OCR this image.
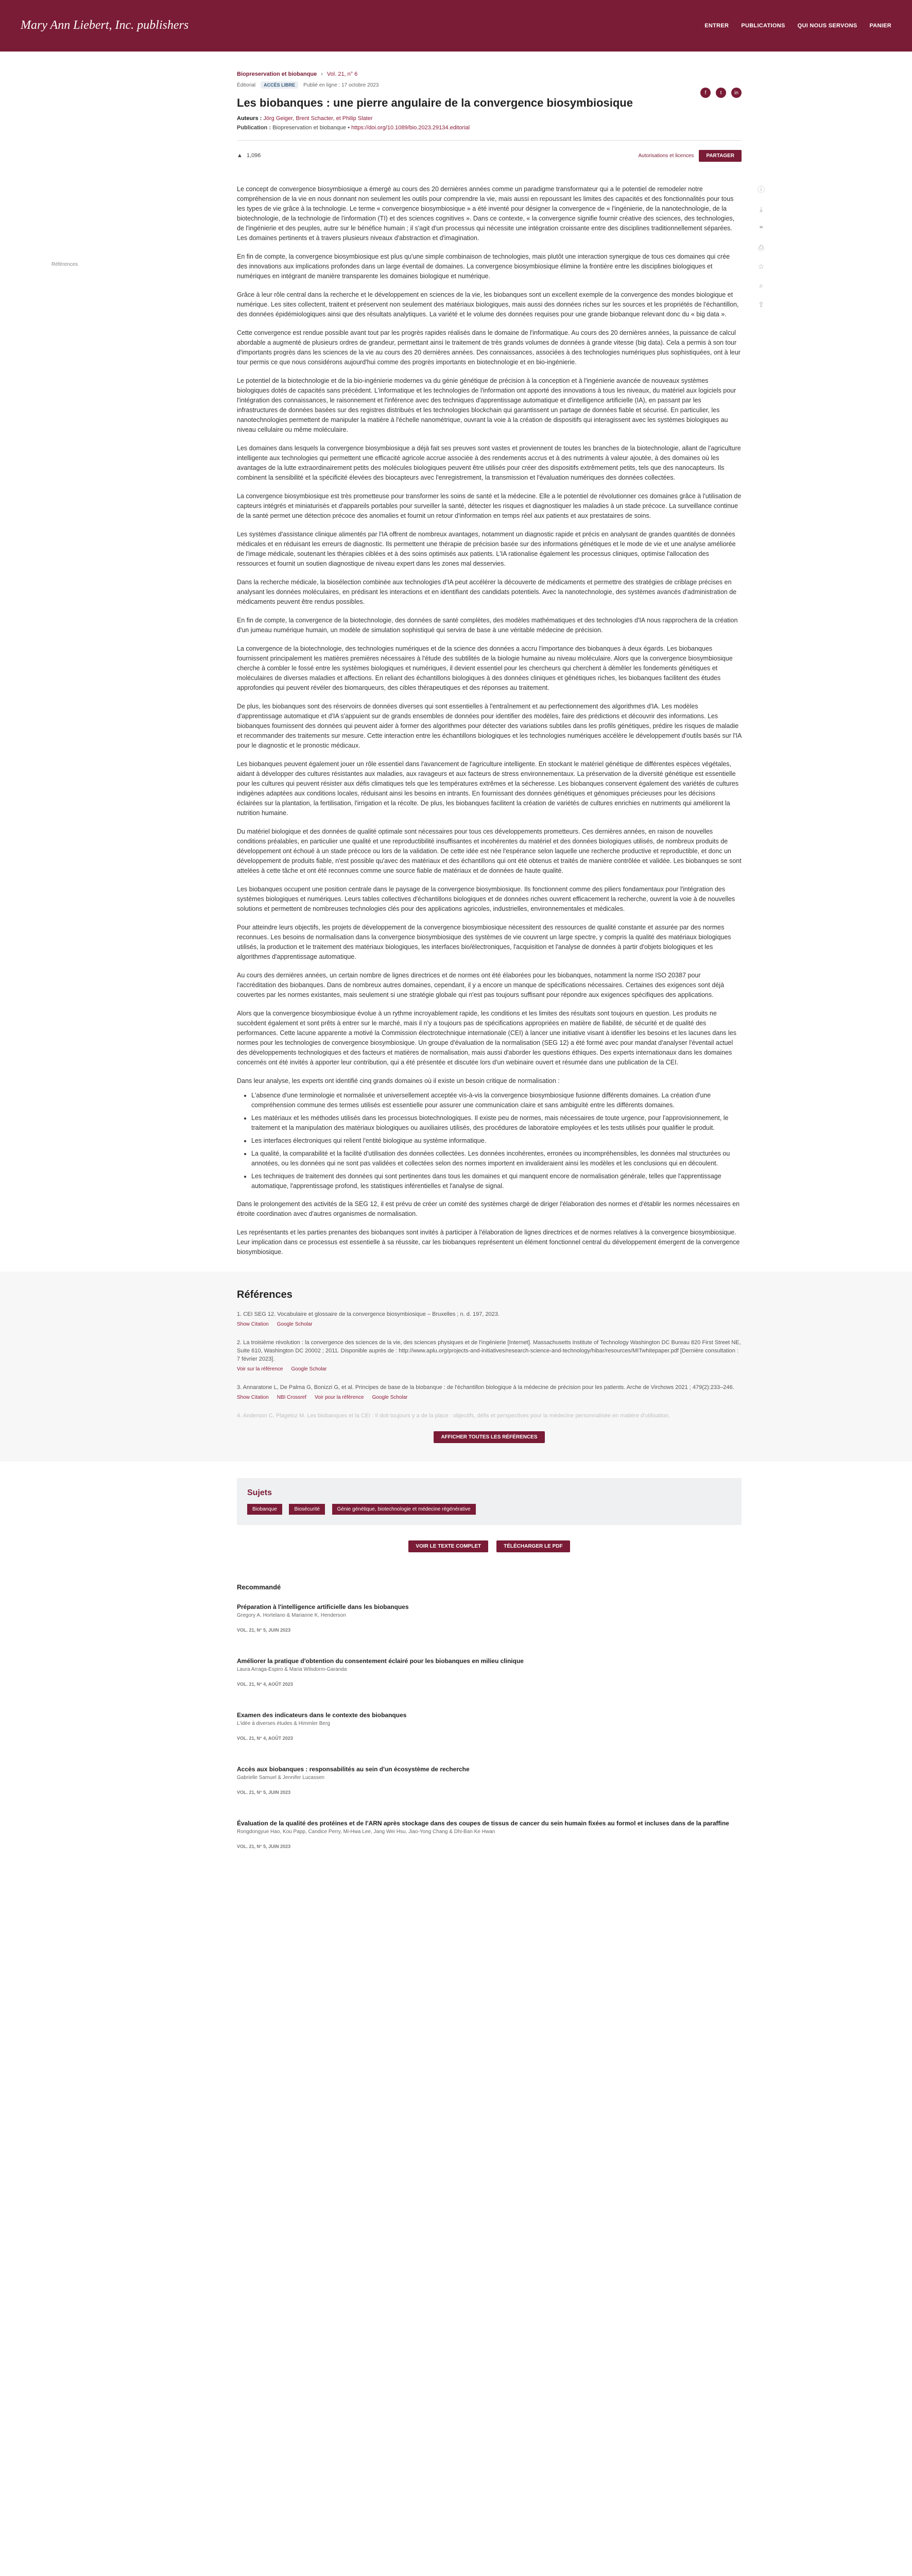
Mary Ann Liebert, Inc. publishers	ENTRER PUBLICATIONS QUI NOUS SERVONS PANIER
Biopreservation et biobanque › Vol. 21, n° 6
f	t	in
Éditorial	ACCÈS LIBRE	Publié en ligne : 17 octobre 2023
Les biobanques : une pierre angulaire de la convergence biosymbiosique
Auteurs : Jörg Geiger, Brent Schacter, et Philip Slater
Publication : Biopreservation et biobanque • https://doi.org/10.1089/bio.2023.29134.editorial
▲ 1,096	Autorisations et licences	PARTAGER
Références
ⓘ
⤓
❝
⎙
☆
⌕
⇪

Le concept de convergence biosymbiosique a émergé au cours des 20 dernières années comme un paradigme transformateur qui a le potentiel de remodeler notre compréhension de la vie en nous donnant non seulement les outils pour comprendre la vie, mais aussi en repoussant les limites des capacités et des fonctionnalités pour tous les types de vie grâce à la technologie. Le terme « convergence biosymbiosique » a été inventé pour désigner la convergence de « l'ingénierie, de la nanotechnologie, de la biotechnologie, de la technologie de l'information (TI) et des sciences cognitives ». Dans ce contexte, « la convergence signifie fournir créative des sciences, des technologies, de l'ingénierie et des peuples, autre sur le bénéfice humain ; il s'agit d'un processus qui nécessite une intégration croissante entre des disciplines traditionnellement séparées. Les domaines pertinents et à travers plusieurs niveaux d'abstraction et d'imagination.

En fin de compte, la convergence biosymbiosique est plus qu'une simple combinaison de technologies, mais plutôt une interaction synergique de tous ces domaines qui crée des innovations aux implications profondes dans un large éventail de domaines. La convergence biosymbiosique élimine la frontière entre les disciplines biologiques et numériques en intégrant de manière transparente les domaines biologique et numérique.

Grâce à leur rôle central dans la recherche et le développement en sciences de la vie, les biobanques sont un excellent exemple de la convergence des mondes biologique et numérique. Les sites collectent, traitent et préservent non seulement des matériaux biologiques, mais aussi des données riches sur les sources et les propriétés de l'échantillon, des données épidémiologiques ainsi que des résultats analytiques. La variété et le volume des données requises pour une grande biobanque relevant donc du « big data ».

Cette convergence est rendue possible avant tout par les progrès rapides réalisés dans le domaine de l'informatique. Au cours des 20 dernières années, la puissance de calcul abordable a augmenté de plusieurs ordres de grandeur, permettant ainsi le traitement de très grands volumes de données à grande vitesse (big data). Cela a permis à son tour d'importants progrès dans les sciences de la vie au cours des 20 dernières années. Des connaissances, associées à des technologies numériques plus sophistiquées, ont à leur tour permis ce que nous considérons aujourd'hui comme des progrès importants en biotechnologie et en bio-ingénierie.

Le potentiel de la biotechnologie et de la bio-ingénierie modernes va du génie génétique de précision à la conception et à l'ingénierie avancée de nouveaux systèmes biologiques dotés de capacités sans précédent. L'informatique et les technologies de l'information ont apporté des innovations à tous les niveaux, du matériel aux logiciels pour l'intégration des connaissances, le raisonnement et l'inférence avec des techniques d'apprentissage automatique et d'intelligence artificielle (IA), en passant par les infrastructures de données basées sur des registres distribués et les technologies blockchain qui garantissent un partage de données fiable et sécurisé. En particulier, les nanotechnologies permettent de manipuler la matière à l'échelle nanométrique, ouvrant la voie à la création de dispositifs qui interagissent avec les systèmes biologiques au niveau cellulaire ou même moléculaire.

Les domaines dans lesquels la convergence biosymbiosique a déjà fait ses preuves sont vastes et proviennent de toutes les branches de la biotechnologie, allant de l'agriculture intelligente aux technologies qui permettent une efficacité agricole accrue associée à des rendements accrus et à des nutriments à valeur ajoutée, à des domaines où les avantages de la lutte extraordinairement petits des molécules biologiques peuvent être utilisés pour créer des dispositifs extrêmement petits, tels que des nanocapteurs. Ils combinent la sensibilité et la spécificité élevées des biocapteurs avec l'enregistrement, la transmission et l'évaluation numériques des données collectées.

La convergence biosymbiosique est très prometteuse pour transformer les soins de santé et la médecine. Elle a le potentiel de révolutionner ces domaines grâce à l'utilisation de capteurs intégrés et miniaturisés et d'appareils portables pour surveiller la santé, détecter les risques et diagnostiquer les maladies à un stade précoce. La surveillance continue de la santé permet une détection précoce des anomalies et fournit un retour d'information en temps réel aux patients et aux prestataires de soins.

Les systèmes d'assistance clinique alimentés par l'IA offrent de nombreux avantages, notamment un diagnostic rapide et précis en analysant de grandes quantités de données médicales et en réduisant les erreurs de diagnostic. Ils permettent une thérapie de précision basée sur des informations génétiques et le mode de vie et une analyse améliorée de l'image médicale, soutenant les thérapies ciblées et à des soins optimisés aux patients. L'IA rationalise également les processus cliniques, optimise l'allocation des ressources et fournit un soutien diagnostique de niveau expert dans les zones mal desservies.

Dans la recherche médicale, la biosélection combinée aux technologies d'IA peut accélérer la découverte de médicaments et permettre des stratégies de criblage précises en analysant les données moléculaires, en prédisant les interactions et en identifiant des candidats potentiels. Avec la nanotechnologie, des systèmes avancés d'administration de médicaments peuvent être rendus possibles.

En fin de compte, la convergence de la biotechnologie, des données de santé complètes, des modèles mathématiques et des technologies d'IA nous rapprochera de la création d'un jumeau numérique humain, un modèle de simulation sophistiqué qui servira de base à une véritable médecine de précision.

La convergence de la biotechnologie, des technologies numériques et de la science des données a accru l'importance des biobanques à deux égards. Les biobanques fournissent principalement les matières premières nécessaires à l'étude des subtilités de la biologie humaine au niveau moléculaire. Alors que la convergence biosymbiosique cherche à combler le fossé entre les systèmes biologiques et numériques, il devient essentiel pour les chercheurs qui cherchent à démêler les fondements génétiques et moléculaires de diverses maladies et affections. En reliant des échantillons biologiques à des données cliniques et génétiques riches, les biobanques facilitent des études approfondies qui peuvent révéler des biomarqueurs, des cibles thérapeutiques et des réponses au traitement.

De plus, les biobanques sont des réservoirs de données diverses qui sont essentielles à l'entraînement et au perfectionnement des algorithmes d'IA. Les modèles d'apprentissage automatique et d'IA s'appuient sur de grands ensembles de données pour identifier des modèles, faire des prédictions et découvrir des informations. Les biobanques fournissent des données qui peuvent aider à former des algorithmes pour détecter des variations subtiles dans les profils génétiques, prédire les risques de maladie et recommander des traitements sur mesure. Cette interaction entre les échantillons biologiques et les technologies numériques accélère le développement d'outils basés sur l'IA pour le diagnostic et le pronostic médicaux.

Les biobanques peuvent également jouer un rôle essentiel dans l'avancement de l'agriculture intelligente. En stockant le matériel génétique de différentes espèces végétales, aidant à développer des cultures résistantes aux maladies, aux ravageurs et aux facteurs de stress environnementaux. La préservation de la diversité génétique est essentielle pour les cultures qui peuvent résister aux défis climatiques tels que les températures extrêmes et la sécheresse. Les biobanques conservent également des variétés de cultures indigènes adaptées aux conditions locales, réduisant ainsi les besoins en intrants. En fournissant des données génétiques et génomiques précieuses pour les décisions éclairées sur la plantation, la fertilisation, l'irrigation et la récolte. De plus, les biobanques facilitent la création de variétés de cultures enrichies en nutriments qui améliorent la nutrition humaine.

Du matériel biologique et des données de qualité optimale sont nécessaires pour tous ces développements prometteurs. Ces dernières années, en raison de nouvelles conditions préalables, en particulier une qualité et une reproductibilité insuffisantes et incohérentes du matériel et des données biologiques utilisés, de nombreux produits de développement ont échoué à un stade précoce ou lors de la validation. De cette idée est née l'espérance selon laquelle une recherche productive et reproductible, et donc un développement de produits fiable, n'est possible qu'avec des matériaux et des échantillons qui ont été obtenus et traités de manière contrôlée et validée. Les biobanques se sont attelées à cette tâche et ont été reconnues comme une source fiable de matériaux et de données de haute qualité.

Les biobanques occupent une position centrale dans le paysage de la convergence biosymbiosique. Ils fonctionnent comme des piliers fondamentaux pour l'intégration des systèmes biologiques et numériques. Leurs tables collectives d'échantillons biologiques et de données riches ouvrent efficacement la recherche, ouvrent la voie à de nouvelles solutions et permettent de nombreuses technologies clés pour des applications agricoles, industrielles, environnementales et médicales.

Pour atteindre leurs objectifs, les projets de développement de la convergence biosymbiosique nécessitent des ressources de qualité constante et assurée par des normes reconnues. Les besoins de normalisation dans la convergence biosymbiosique des systèmes de vie couvrent un large spectre, y compris la qualité des matériaux biologiques utilisés, la production et le traitement des matériaux biologiques, les interfaces bio/électroniques, l'acquisition et l'analyse de données à partir d'objets biologiques et les algorithmes d'apprentissage automatique.

Au cours des dernières années, un certain nombre de lignes directrices et de normes ont été élaborées pour les biobanques, notamment la norme ISO 20387 pour l'accréditation des biobanques. Dans de nombreux autres domaines, cependant, il y a encore un manque de spécifications nécessaires. Certaines des exigences sont déjà couvertes par les normes existantes, mais seulement si une stratégie globale qui n'est pas toujours suffisant pour répondre aux exigences spécifiques des applications.

Alors que la convergence biosymbiosique évolue à un rythme incroyablement rapide, les conditions et les limites des résultats sont toujours en question. Les produits ne succèdent également et sont prêts à entrer sur le marché, mais il n'y a toujours pas de spécifications appropriées en matière de fiabilité, de sécurité et de qualité des performances. Cette lacune apparente a motivé la Commission électrotechnique internationale (CEI) à lancer une initiative visant à identifier les besoins et les lacunes dans les normes pour les technologies de convergence biosymbiosique. Un groupe d'évaluation de la normalisation (SEG 12) a été formé avec pour mandat d'analyser l'éventail actuel des développements technologiques et des facteurs et matières de normalisation, mais aussi d'aborder les questions éthiques. Des experts internationaux dans les domaines concernés ont été invités à apporter leur contribution, qui a été présentée et discutée lors d'un webinaire ouvert et résumée dans une publication de la CEI.

Dans leur analyse, les experts ont identifié cinq grands domaines où il existe un besoin critique de normalisation :

• L'absence d'une terminologie et normalisée et universellement acceptée vis-à-vis la convergence biosymbiosique fusionne différents domaines. La création d'une compréhension commune des termes utilisés est essentielle pour assurer une communication claire et sans ambiguïté entre les différents domaines.
• Les matériaux et les méthodes utilisés dans les processus biotechnologiques. Il existe peu de normes, mais nécessaires de toute urgence, pour l'approvisionnement, le traitement et la manipulation des matériaux biologiques ou auxiliaires utilisés, des procédures de laboratoire employées et les tests utilisés pour qualifier le produit.
• Les interfaces électroniques qui relient l'entité biologique au système informatique.
• La qualité, la comparabilité et la facilité d'utilisation des données collectées. Les données incohérentes, erronées ou incompréhensibles, les données mal structurées ou annotées, ou les données qui ne sont pas validées et collectées selon des normes importent en invalideraient ainsi les modèles et les conclusions qui en découlent.
• Les techniques de traitement des données qui sont pertinentes dans tous les domaines et qui manquent encore de normalisation générale, telles que l'apprentissage automatique, l'apprentissage profond, les statistiques inférentielles et l'analyse de signal.

Dans le prolongement des activités de la SEG 12, il est prévu de créer un comité des systèmes chargé de diriger l'élaboration des normes et d'établir les normes nécessaires en étroite coordination avec d'autres organismes de normalisation.

Les représentants et les parties prenantes des biobanques sont invités à participer à l'élaboration de lignes directrices et de normes relatives à la convergence biosymbiosique. Leur implication dans ce processus est essentielle à sa réussite, car les biobanques représentent un élément fonctionnel central du développement émergent de la convergence biosymbiosique.

Références
1. CEI SEG 12. Vocabulaire et glossaire de la convergence biosymbiosique – Bruxelles ; n. d. 197, 2023.
Show Citation Google Scholar
2. La troisième révolution : la convergence des sciences de la vie, des sciences physiques et de l'ingénierie [Internet]. Massachusetts Institute of Technology Washington DC Bureau 820 First Street NE, Suite 610, Washington DC 20002 ; 2011. Disponible auprès de : http://www.aplu.org/projects-and-initiatives/research-science-and-technology/hibar/resources/MITwhitepaper.pdf [Dernière consultation : 7 février 2023].
Voir sur la référence Google Scholar
3. Annaratone L, De Palma G, Bonizzi G, et al. Principes de base de la biobanque : de l'échantillon biologique à la médecine de précision pour les patients. Arche de Virchows 2021 ; 479(2):233–246.
Show Citation NBI Crossref Voir pour la référence Google Scholar
4. Anderson C, Plageloz M. Les biobanques et la CEI : Il doit toujours y a de la place : objectifs, défis et perspectives pour la médecine personnalisée en matière d'utilisation.
AFFICHER TOUTES LES RÉFÉRENCES
Sujets
Biobanque	Biosécurité	Génie génétique, biotechnologie et médecine régénérative
VOIR LE TEXTE COMPLET	TÉLÉCHARGER LE PDF
Recommandé
Préparation à l'intelligence artificielle dans les biobanques
Gregory A. Hortelano & Marianne K. Henderson
VOL. 21, N° 5, JUIN 2023
Améliorer la pratique d'obtention du consentement éclairé pour les biobanques en milieu clinique
Laura Arraga-Espiro & Maria Wilsdorm-Garanda
VOL. 21, N° 4, AOÛT 2023
Examen des indicateurs dans le contexte des biobanques
L'idée à diverses études & Himmler Berg
VOL. 21, N° 4, AOÛT 2023
Accès aux biobanques : responsabilités au sein d'un écosystème de recherche
Gabrielle Samuel & Jennifer Lucassen
VOL. 21, N° 5, JUIN 2023
Évaluation de la qualité des protéines et de l'ARN après stockage dans des coupes de tissus de cancer du sein humain fixées au formol et incluses dans de la paraffine
Rongdongyue Hao, Kou Papp, Candice Perry, Mi-Hwa Lee, Jang Wei Hsu, Jiao-Yong Chang & Dhi-Ban Ke Hwan
VOL. 21, N° 5, JUIN 2023
